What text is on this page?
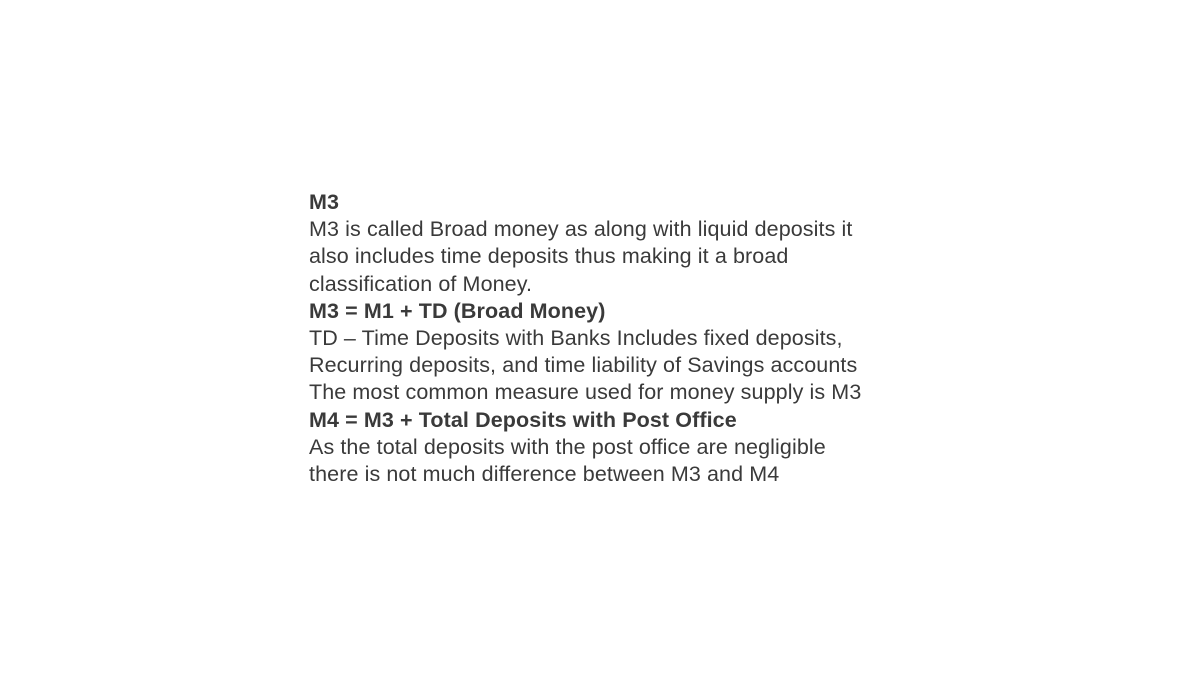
M3
M3 is called Broad money as along with liquid deposits it
also includes time deposits thus making it a broad
classification of Money.
M3 = M1 + TD (Broad Money)
TD – Time Deposits with Banks Includes fixed deposits,
Recurring deposits, and time liability of Savings accounts
The most common measure used for money supply is M3
M4 = M3 + Total Deposits with Post Office
As the total deposits with the post office are negligible
there is not much difference between M3 and M4
